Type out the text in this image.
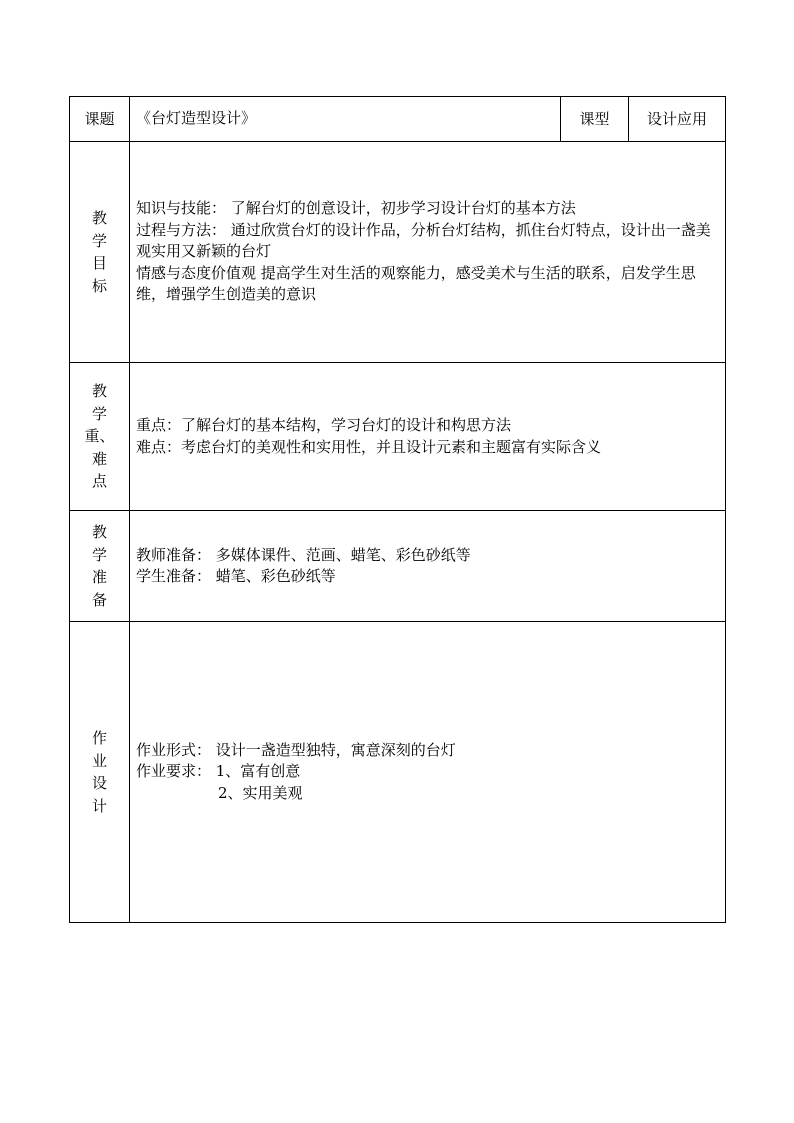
课题	《台灯造型设计》	课型	设计应用

教
学
目
标	知识与技能： 了解台灯的创意设计，初步学习设计台灯的基本方法
过程与方法： 通过欣赏台灯的设计作品，分析台灯结构，抓住台灯特点，设计出一盏美观实用又新颖的台灯
情感与态度价值观 提高学生对生活的观察能力，感受美术与生活的联系，启发学生思维，增强学生创造美的意识		

教
学
重、
难
点	重点：了解台灯的基本结构，学习台灯的设计和构思方法
难点：考虑台灯的美观性和实用性，并且设计元素和主题富有实际含义		

教
学
准
备	教师准备： 多媒体课件、范画、蜡笔、彩色砂纸等
学生准备： 蜡笔、彩色砂纸等		

作
业
设
计	作业形式： 设计一盏造型独特，寓意深刻的台灯
作业要求： 1、富有创意
2、实用美观		
